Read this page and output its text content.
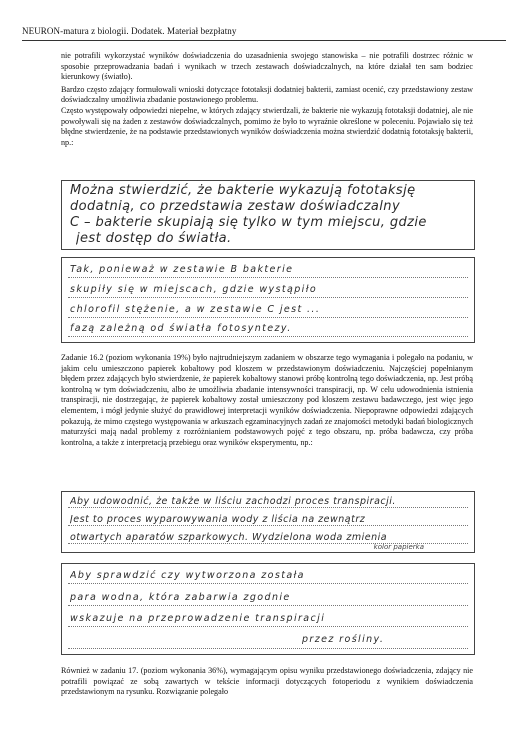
NEURON-matura z biologii. Dodatek. Materiał bezpłatny

nie potrafili wykorzystać wyników doświadczenia do uzasadnienia swojego stanowiska – nie potrafili dostrzec różnic w sposobie przeprowadzania badań i wynikach w trzech zestawach doświadczalnych, na które działał ten sam bodziec kierunkowy (światło).

Bardzo często zdający formułowali wnioski dotyczące fototaksji dodatniej bakterii, zamiast ocenić, czy przedstawiony zestaw doświadczalny umożliwia zbadanie postawionego problemu.

Często występowały odpowiedzi niepełne, w których zdający stwierdzali, że bakterie nie wykazują fototaksji dodatniej, ale nie powoływali się na żaden z zestawów doświadczalnych, pomimo że było to wyraźnie określone w poleceniu. Pojawiało się też błędne stwierdzenie, że na podstawie przedstawionych wyników doświadczenia można stwierdzić dodatnią fototaksję bakterii, np.:

Można stwierdzić, że bakterie wykazują fototaksję
dodatnią, co przedstawia zestaw doświadczalny
C – bakterie skupiają się tylko w tym miejscu, gdzie
jest dostęp do światła.
Tak, ponieważ w zestawie B bakterie
skupiły się w miejscach, gdzie wystąpiło
chlorofil stężenie, a w zestawie C jest ...
fazą zależną od światła fotosyntezy.

Zadanie 16.2 (poziom wykonania 19%) było najtrudniejszym zadaniem w obszarze tego wymagania i polegało na podaniu, w jakim celu umieszczono papierek kobaltowy pod kloszem w przedstawionym doświadczeniu. Najczęściej popełnianym błędem przez zdających było stwierdzenie, że papierek kobaltowy stanowi próbę kontrolną tego doświadczenia, np. Jest próbą kontrolną w tym doświadczeniu, albo że umożliwia zbadanie intensywności transpiracji, np. W celu udowodnienia istnienia transpiracji, nie dostrzegając, że papierek kobaltowy został umieszczony pod kloszem zestawu badawczego, jest więc jego elementem, i mógł jedynie służyć do prawidłowej interpretacji wyników doświadczenia. Niepoprawne odpowiedzi zdających pokazują, że mimo częstego występowania w arkuszach egzaminacyjnych zadań ze znajomości metodyki badań biologicznych maturzyści mają nadal problemy z rozróżnianiem podstawowych pojęć z tego obszaru, np. próba badawcza, czy próba kontrolna, a także z interpretacją przebiegu oraz wyników eksperymentu, np.:

Aby udowodnić, że także w liściu zachodzi proces transpiracji.
Jest to proces wyparowywania wody z liścia na zewnątrz
otwartych aparatów szparkowych. Wydzielona woda zmienia
kolor papierka
Aby sprawdzić czy wytworzona została
para wodna, która zabarwia zgodnie
wskazuje na przeprowadzenie transpiracji
przez rośliny.

Również w zadaniu 17. (poziom wykonania 36%), wymagającym opisu wyniku przedstawionego doświadczenia, zdający nie potrafili powiązać ze sobą zawartych w tekście informacji dotyczących fotoperiodu z wynikiem doświadczenia przedstawionym na rysunku. Rozwiązanie polegało
